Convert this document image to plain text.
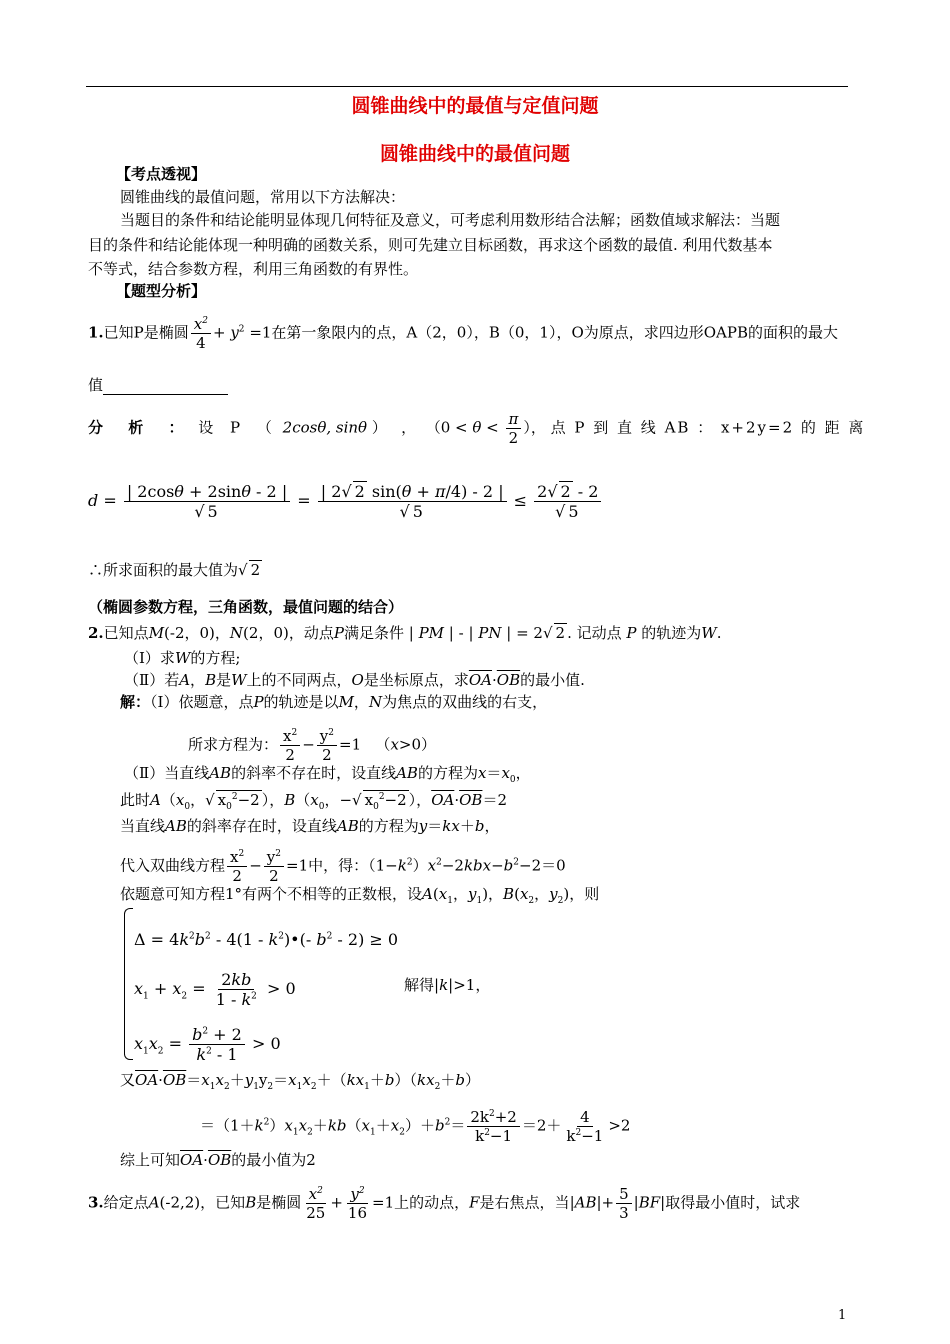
圆锥曲线中的最值与定值问题
圆锥曲线中的最值问题
【考点透视】
圆锥曲线的最值问题，常用以下方法解决：
当题目的条件和结论能明显体现几何特征及意义，可考虑利用数形结合法解；函数值域求解法：当题
目的条件和结论能体现一种明确的函数关系，则可先建立目标函数，再求这个函数的最值. 利用代数基本
不等式，结合参数方程，利用三角函数的有界性。
【题型分析】
1.已知P是椭圆 $\frac{x^2}{4} + y^2 =1$在第一象限内的点，A（2，0），B（0，1），O为原点，求四边形OAPB的面积的最大
值
分 析 ： 设 P （ 2cosθ, sinθ ）   ，  （$0 < \theta < \frac{\pi}{2}$ ）， 点 P 到 直 线 AB ： x+2y=2 的 距 离
$d = \frac{| 2\cos\theta + 2\sin\theta - 2 |}{√ 5} = \frac{| 2√ 2 \sin(\theta + \pi/4) - 2 |}{√ 5} \le \frac{2√ 2 - 2}{√ 5}$
∴所求面积的最大值为√ 2
（椭圆参数方程，三角函数，最值问题的结合）
2.已知点M(-2，0)，N(2，0)，动点P满足条件 | PM | - | PN | = 2√ 2 . 记动点 P 的轨迹为W.
（Ⅰ）求W的方程;
（Ⅱ）若A，B是W上的不同两点，O是坐标原点，求$\overline{OA}\cdot\overline{OB}$的最小值.
解：（Ⅰ）依题意，点P的轨迹是以M，N为焦点的双曲线的右支，
所求方程为： $\frac{x^2}{2} - \frac{y^2}{2} =1$   （x>0）
（Ⅱ）当直线AB的斜率不存在时，设直线AB的方程为$x=x_0$，
此时$A(x_0$，√ $x_0^2-2$ ），$B(x_0$，−√ $x_0^2-2$ ），$\overline{OA}\cdot\overline{OB}=2$
当直线AB的斜率存在时，设直线AB的方程为y＝kx＋b，
代入双曲线方程 $\frac{x^2}{2} - \frac{y^2}{2} =1$中，得：$(1-k^2)x^2-2kbx-b^2-2=0$
依题意可知方程1°有两个不相等的正数根，设$A(x_1$，$y_1$)，$B(x_2$，$y_2$)，则
$\Delta = 4k^2b^2 - 4(1$ - $k^2)•(-$ $b^2 - 2) \ge 0$
$x_1 + x_2 = \frac{2kb}{1 - k^2} > 0$	解得|k|>1，
$x_1x_2 = \frac{b^2 + 2}{k^2 - 1} > 0$
又$\overline{OA}\cdot\overline{OB}=x_1x_2+y_1y_2=x_1x_2+(kx_1+b)(kx_2+b)$
$=(1+k^2)x_1x_2+kb(x_1+x_2)+b^2= \frac{2k^2+2}{k^2-1} =2+ \frac{4}{k^2-1} >2$
综上可知$\overline{OA}\cdot\overline{OB}$的最小值为2
3.给定点A(-2,2)，已知B是椭圆 $\frac{x^2}{25} + \frac{y^2}{16} =1$上的动点，F是右焦点，当$|AB|+ \frac{5}{3} |BF|$取得最小值时，试求
1
